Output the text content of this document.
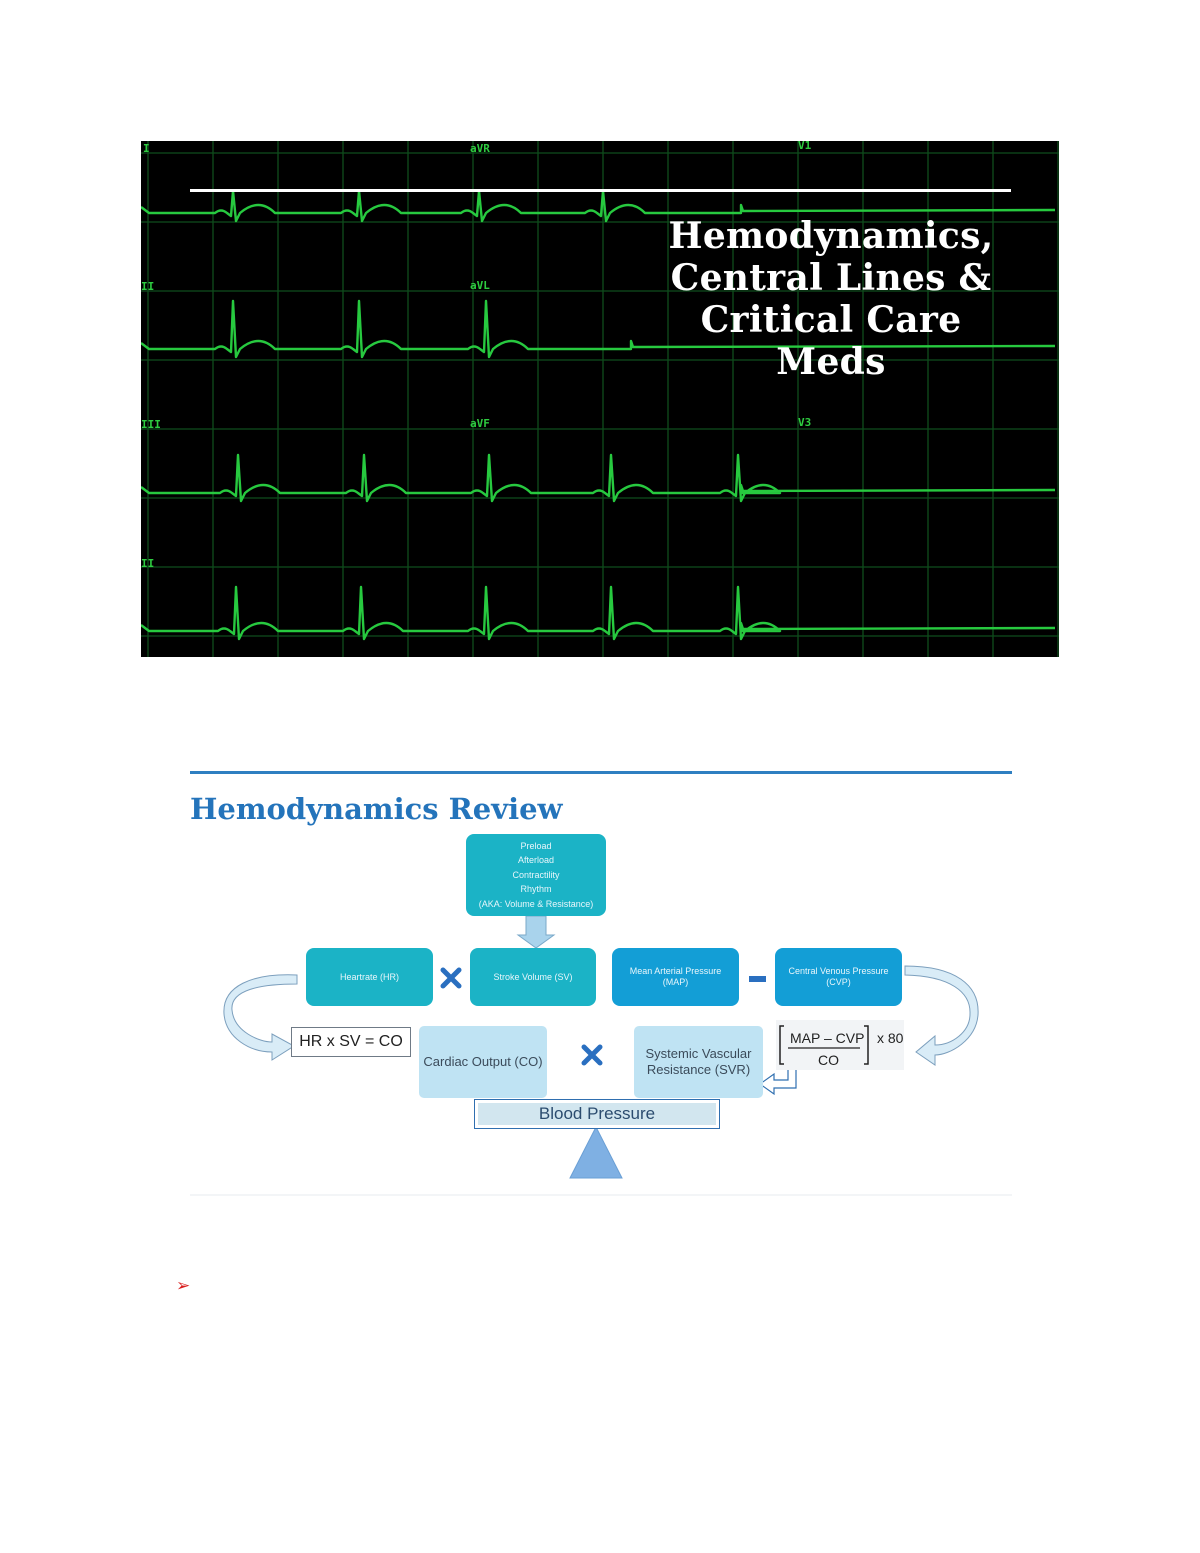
I	aVR	V1
II	aVL
III	aVF	V3
II
Hemodynamics,
Central Lines &
Critical Care
Meds
Hemodynamics Review
Preload
Afterload
Contractility
Rhythm
(AKA: Volume & Resistance)
Heartrate (HR)	Stroke Volume (SV)
Mean Arterial Pressure (MAP)
Central Venous Pressure (CVP)
HR x SV = CO
Cardiac Output (CO)
Systemic Vascular Resistance (SVR)
MAP – CVP
CO
x 80
Blood Pressure
➢
